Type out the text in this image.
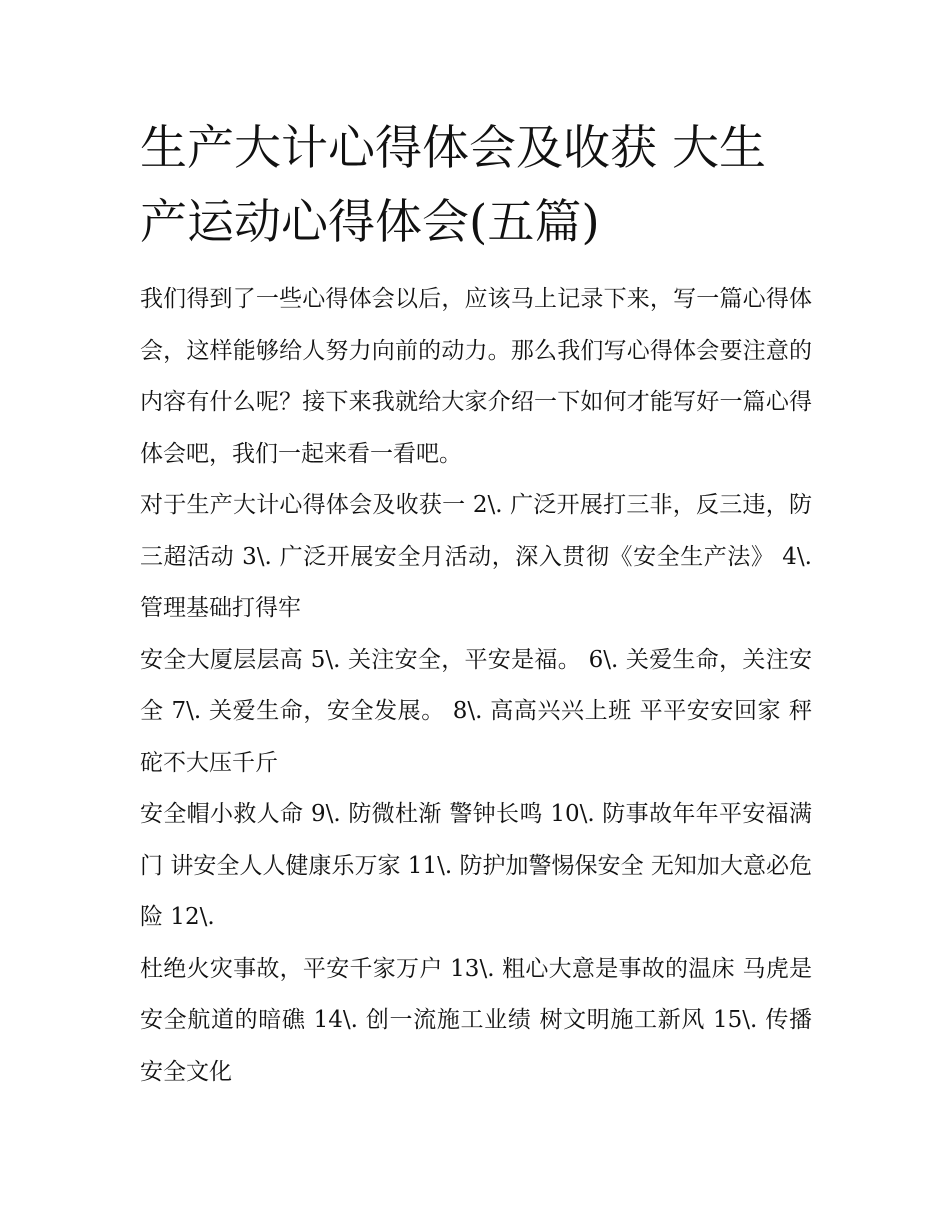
生产大计心得体会及收获 大生产运动心得体会(五篇)

我们得到了一些心得体会以后，应该马上记录下来，写一篇心得体会，这样能够给人努力向前的动力。那么我们写心得体会要注意的内容有什么呢？接下来我就给大家介绍一下如何才能写好一篇心得体会吧，我们一起来看一看吧。

对于生产大计心得体会及收获一 2\. 广泛开展打三非，反三违，防三超活动 3\. 广泛开展安全月活动，深入贯彻《安全生产法》 4\. 管理基础打得牢

安全大厦层层高 5\. 关注安全，平安是福。 6\. 关爱生命，关注安全 7\. 关爱生命，安全发展。 8\. 高高兴兴上班 平平安安回家 秤砣不大压千斤

安全帽小救人命 9\. 防微杜渐 警钟长鸣 10\. 防事故年年平安福满门 讲安全人人健康乐万家 11\. 防护加警惕保安全 无知加大意必危险 12\.

杜绝火灾事故，平安千家万户 13\. 粗心大意是事故的温床 马虎是安全航道的暗礁 14\. 创一流施工业绩 树文明施工新风 15\. 传播安全文化
